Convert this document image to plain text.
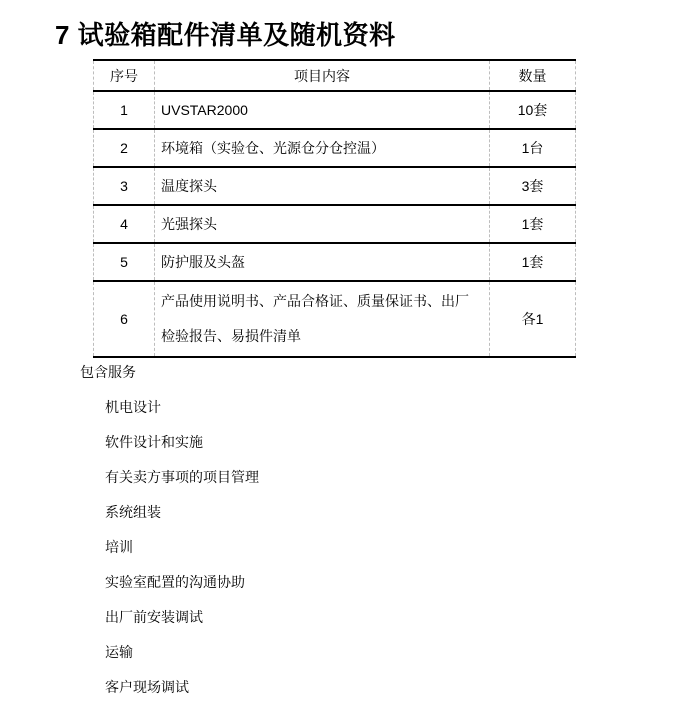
7 试验箱配件清单及随机资料
序号	项目内容	数量
1	UVSTAR2000	10套
2	环境箱（实验仓、光源仓分仓控温）	1台
3	温度探头	3套
4	光强探头	1套
5	防护服及头盔	1套
6	产品使用说明书、产品合格证、质量保证书、出厂检验报告、易损件清单	各1
包含服务
机电设计
软件设计和实施
有关卖方事项的项目管理
系统组装
培训
实验室配置的沟通协助
出厂前安装调试
运输
客户现场调试
